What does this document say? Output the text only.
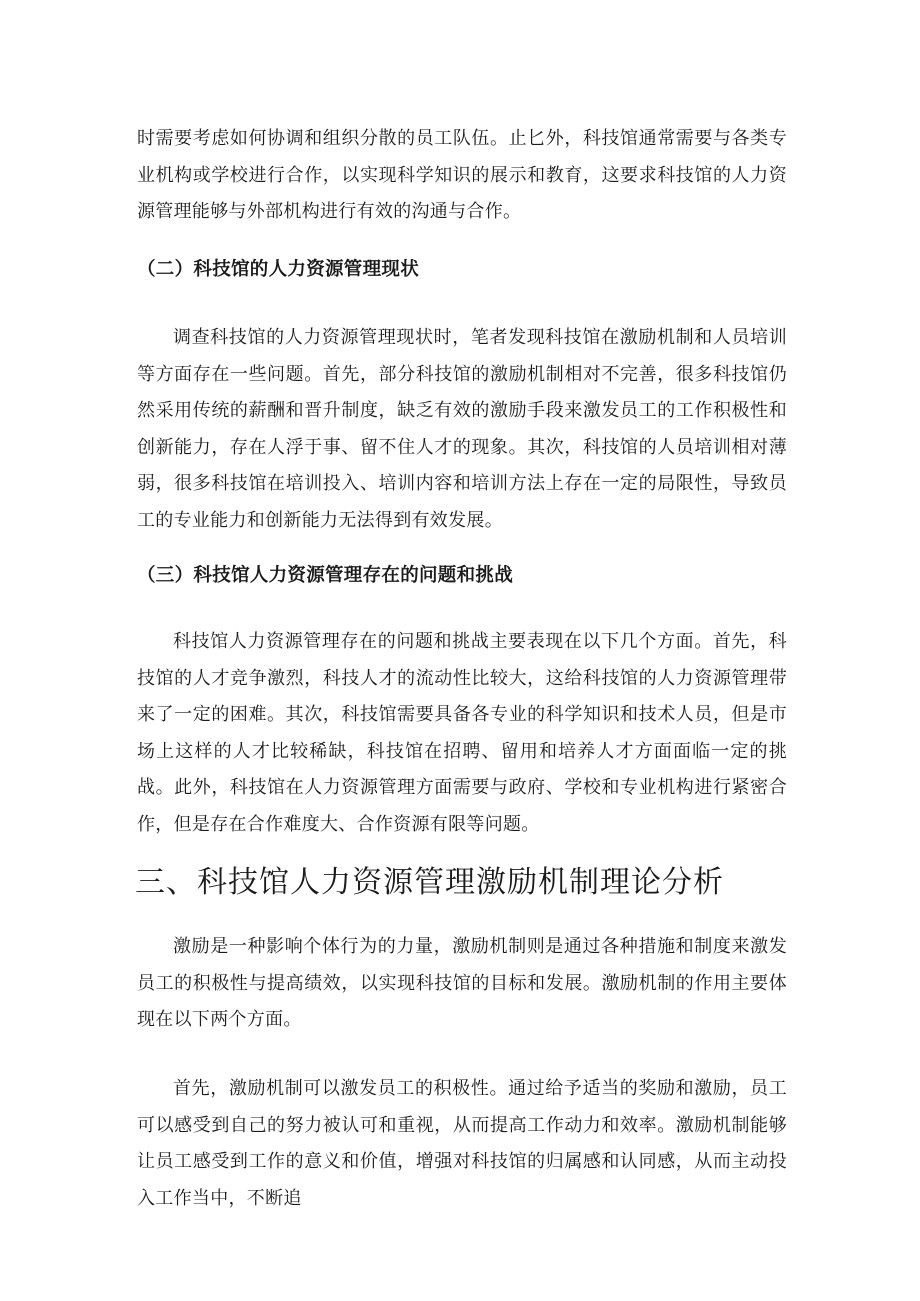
时需要考虑如何协调和组织分散的员工队伍。止匕外，科技馆通常需要与各类专业机构或学校进行合作，以实现科学知识的展示和教育，这要求科技馆的人力资源管理能够与外部机构进行有效的沟通与合作。

（二）科技馆的人力资源管理现状

调查科技馆的人力资源管理现状时，笔者发现科技馆在激励机制和人员培训等方面存在一些问题。首先，部分科技馆的激励机制相对不完善，很多科技馆仍然采用传统的薪酬和晋升制度，缺乏有效的激励手段来激发员工的工作积极性和创新能力，存在人浮于事、留不住人才的现象。其次，科技馆的人员培训相对薄弱，很多科技馆在培训投入、培训内容和培训方法上存在一定的局限性，导致员工的专业能力和创新能力无法得到有效发展。

（三）科技馆人力资源管理存在的问题和挑战

科技馆人力资源管理存在的问题和挑战主要表现在以下几个方面。首先，科技馆的人才竞争激烈，科技人才的流动性比较大，这给科技馆的人力资源管理带来了一定的困难。其次，科技馆需要具备各专业的科学知识和技术人员，但是市场上这样的人才比较稀缺，科技馆在招聘、留用和培养人才方面面临一定的挑战。此外，科技馆在人力资源管理方面需要与政府、学校和专业机构进行紧密合作，但是存在合作难度大、合作资源有限等问题。

三、科技馆人力资源管理激励机制理论分析

激励是一种影响个体行为的力量，激励机制则是通过各种措施和制度来激发员工的积极性与提高绩效，以实现科技馆的目标和发展。激励机制的作用主要体现在以下两个方面。

首先，激励机制可以激发员工的积极性。通过给予适当的奖励和激励，员工可以感受到自己的努力被认可和重视，从而提高工作动力和效率。激励机制能够让员工感受到工作的意义和价值，增强对科技馆的归属感和认同感，从而主动投入工作当中，不断追
